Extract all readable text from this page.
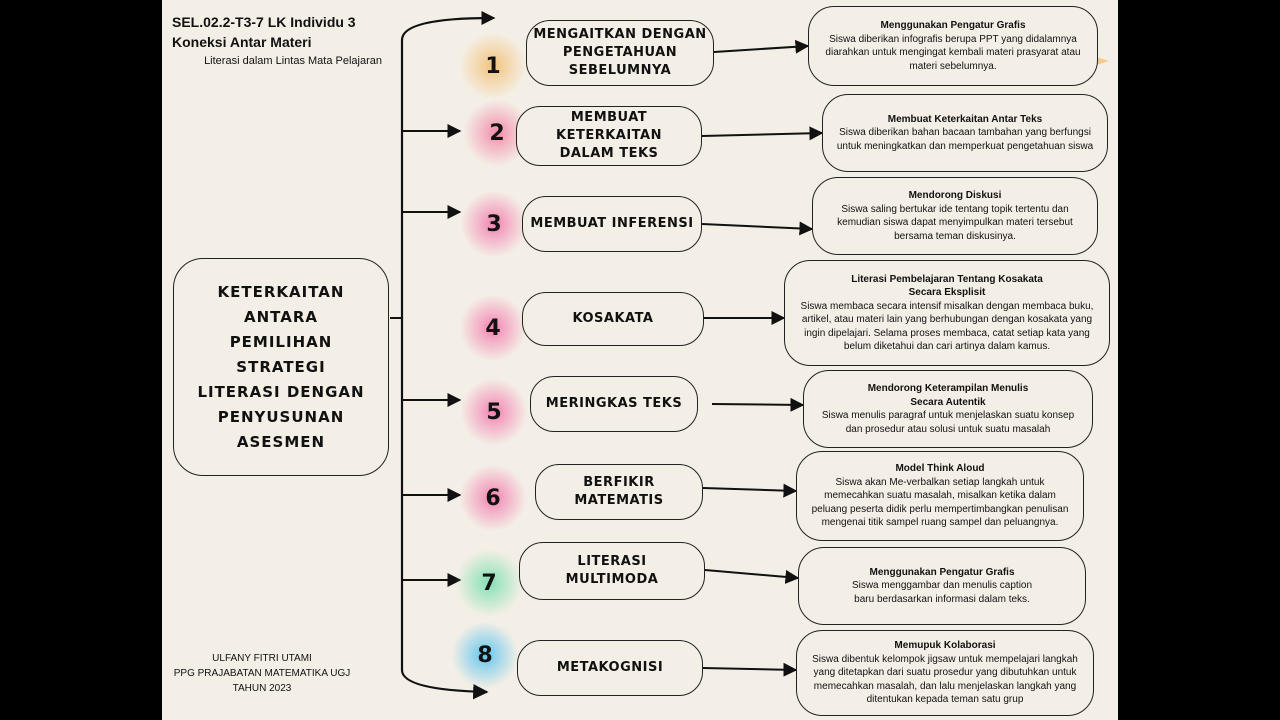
SEL.02.2-T3-7 LK Individu 3
Koneksi Antar Materi
Literasi dalam Lintas Mata Pelajaran
KETERKAITAN ANTARA PEMILIHAN STRATEGI LITERASI DENGAN PENYUSUNAN ASESMEN
ULFANY FITRI UTAMI
PPG PRAJABATAN MATEMATIKA UGJ
TAHUN 2023
1
2
3
4
5
6
7
8
MENGAITKAN DENGAN
PENGETAHUAN
SEBELUMNYA
MEMBUAT KETERKAITAN
DALAM TEKS
MEMBUAT INFERENSI
KOSAKATA
MERINGKAS TEKS
BERFIKIR
MATEMATIS
LITERASI
MULTIMODA
METAKOGNISI
Menggunakan Pengatur Grafis
Siswa diberikan infografis berupa PPT yang didalamnya
diarahkan untuk mengingat kembali materi prasyarat atau
materi sebelumnya.
Membuat Keterkaitan Antar Teks
Siswa diberikan bahan bacaan tambahan yang berfungsi
untuk meningkatkan dan memperkuat pengetahuan siswa
Mendorong Diskusi
Siswa saling bertukar ide tentang topik tertentu dan
kemudian siswa dapat menyimpulkan materi tersebut
bersama teman diskusinya.
Literasi Pembelajaran Tentang Kosakata
Secara Eksplisit
Siswa membaca secara intensif misalkan dengan membaca buku,
artikel, atau materi lain yang berhubungan dengan kosakata yang
ingin dipelajari. Selama proses membaca, catat setiap kata yang
belum diketahui dan cari artinya dalam kamus.
Mendorong Keterampilan Menulis
Secara Autentik
Siswa menulis paragraf untuk menjelaskan suatu konsep
dan prosedur atau solusi untuk suatu masalah
Model Think Aloud
Siswa akan Me-verbalkan setiap langkah untuk
memecahkan suatu masalah, misalkan ketika dalam
peluang peserta didik perlu mempertimbangkan penulisan
mengenai titik sampel ruang sampel dan peluangnya.
Menggunakan Pengatur Grafis
Siswa menggambar dan menulis caption
baru berdasarkan informasi dalam teks.
Memupuk Kolaborasi
Siswa dibentuk kelompok jigsaw untuk mempelajari langkah
yang ditetapkan dari suatu prosedur yang dibutuhkan untuk
memecahkan masalah, dan lalu menjelaskan langkah yang
ditentukan kepada teman satu grup
